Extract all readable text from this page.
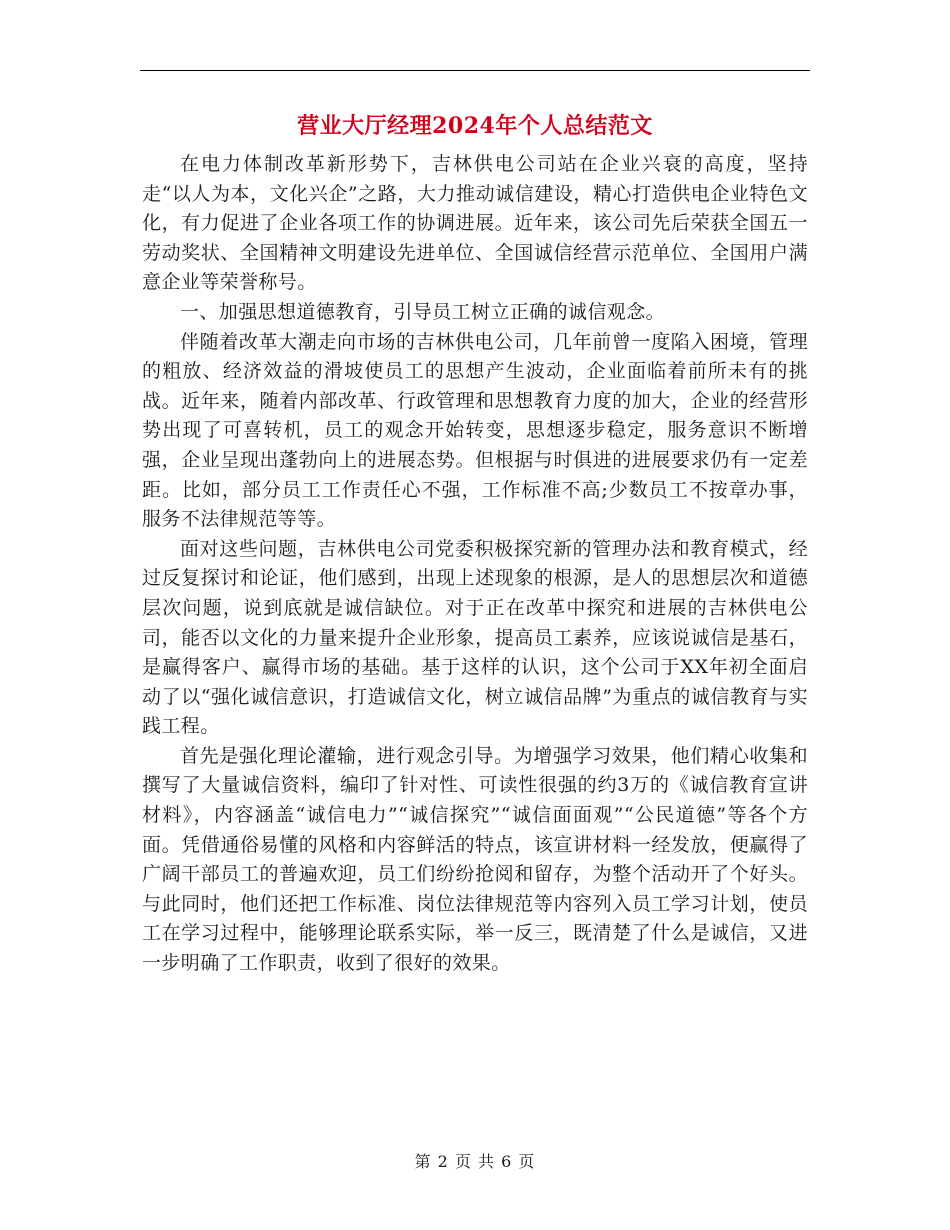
营业大厅经理2024年个人总结范文

在电力体制改革新形势下，吉林供电公司站在企业兴衰的高度，坚持走“以人为本，文化兴企”之路，大力推动诚信建设，精心打造供电企业特色文化，有力促进了企业各项工作的协调进展。近年来，该公司先后荣获全国五一劳动奖状、全国精神文明建设先进单位、全国诚信经营示范单位、全国用户满意企业等荣誉称号。

一、加强思想道德教育，引导员工树立正确的诚信观念。

伴随着改革大潮走向市场的吉林供电公司，几年前曾一度陷入困境，管理的粗放、经济效益的滑坡使员工的思想产生波动，企业面临着前所未有的挑战。近年来，随着内部改革、行政管理和思想教育力度的加大，企业的经营形势出现了可喜转机，员工的观念开始转变，思想逐步稳定，服务意识不断增强，企业呈现出蓬勃向上的进展态势。但根据与时俱进的进展要求仍有一定差距。比如，部分员工工作责任心不强，工作标准不高;少数员工不按章办事，服务不法律规范等等。

面对这些问题，吉林供电公司党委积极探究新的管理办法和教育模式，经过反复探讨和论证，他们感到，出现上述现象的根源，是人的思想层次和道德层次问题，说到底就是诚信缺位。对于正在改革中探究和进展的吉林供电公司，能否以文化的力量来提升企业形象，提高员工素养，应该说诚信是基石，是赢得客户、赢得市场的基础。基于这样的认识，这个公司于XX年初全面启动了以“强化诚信意识，打造诚信文化，树立诚信品牌”为重点的诚信教育与实践工程。

首先是强化理论灌输，进行观念引导。为增强学习效果，他们精心收集和撰写了大量诚信资料，编印了针对性、可读性很强的约3万的《诚信教育宣讲材料》，内容涵盖“诚信电力”“诚信探究”“诚信面面观”“公民道德”等各个方面。凭借通俗易懂的风格和内容鲜活的特点，该宣讲材料一经发放，便赢得了广阔干部员工的普遍欢迎，员工们纷纷抢阅和留存，为整个活动开了个好头。与此同时，他们还把工作标准、岗位法律规范等内容列入员工学习计划，使员工在学习过程中，能够理论联系实际，举一反三，既清楚了什么是诚信，又进一步明确了工作职责，收到了很好的效果。

第 2 页 共 6 页
